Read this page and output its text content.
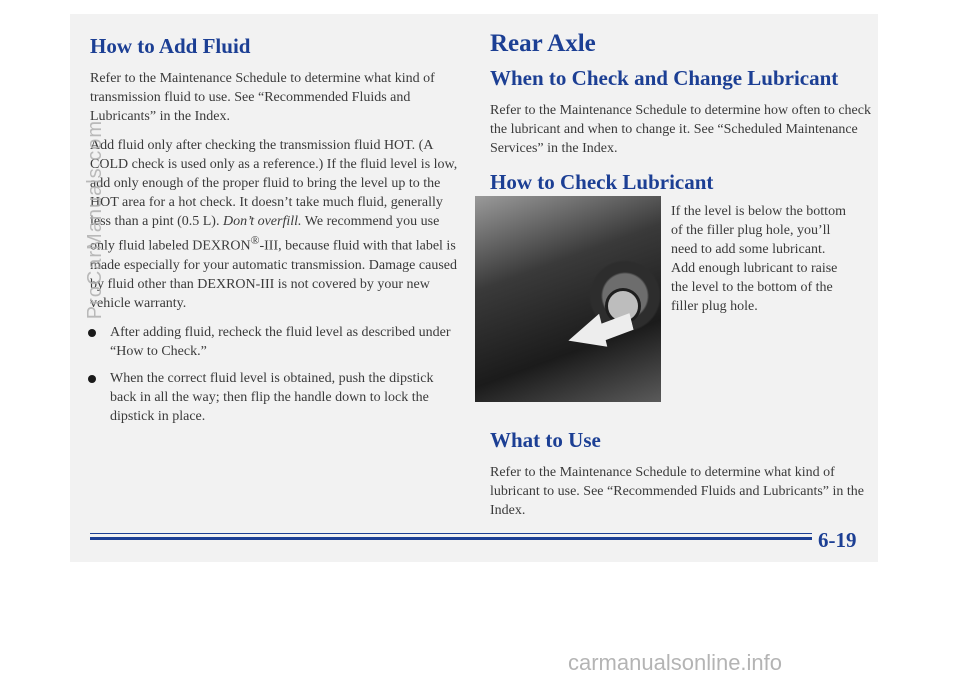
How to Add Fluid

Refer to the Maintenance Schedule to determine what kind of transmission fluid to use. See “Recommended Fluids and Lubricants” in the Index.

Add fluid only after checking the transmission fluid HOT. (A COLD check is used only as a reference.) If the fluid level is low, add only enough of the proper fluid to bring the level up to the HOT area for a hot check. It doesn’t take much fluid, generally less than a pint (0.5 L). Don’t overfill. We recommend you use only fluid labeled DEXRON®-III, because fluid with that label is made especially for your automatic transmission. Damage caused by fluid other than DEXRON-III is not covered by your new vehicle warranty.

After adding fluid, recheck the fluid level as described under “How to Check.”
When the correct fluid level is obtained, push the dipstick back in all the way; then flip the handle down to lock the dipstick in place.
Rear Axle
When to Check and Change Lubricant

Refer to the Maintenance Schedule to determine how often to check the lubricant and when to change it. See “Scheduled Maintenance Services” in the Index.

How to Check Lubricant
If the level is below the bottom of the filler plug hole, you’ll need to add some lubricant. Add enough lubricant to raise the level to the bottom of the filler plug hole.
What to Use

Refer to the Maintenance Schedule to determine what kind of lubricant to use. See “Recommended Fluids and Lubricants” in the Index.

6-19
ProCarManuals.com
carmanualsonline.info
